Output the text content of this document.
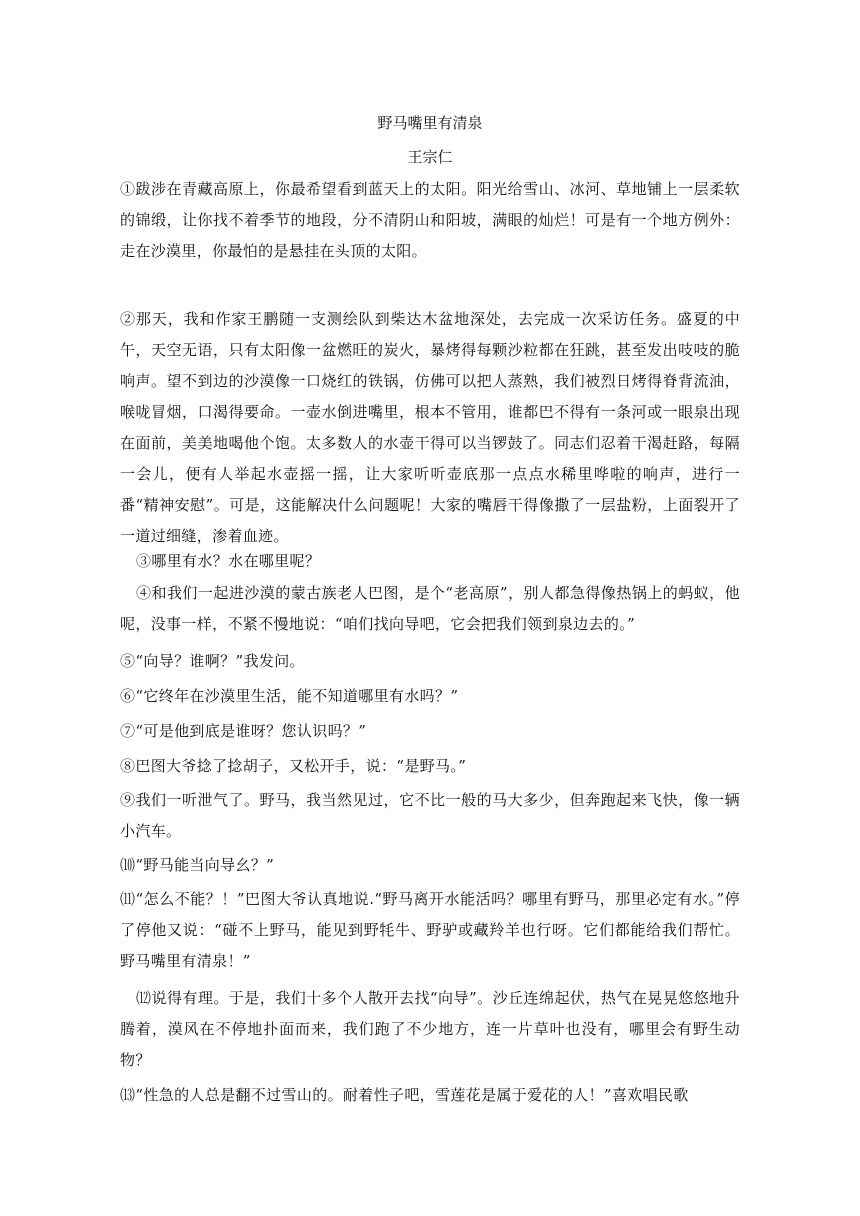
野马嘴里有清泉
王宗仁

①跋涉在青藏高原上，你最希望看到蓝天上的太阳。阳光给雪山、冰河、草地铺上一层柔软的锦缎，让你找不着季节的地段，分不清阴山和阳坡，满眼的灿烂！可是有一个地方例外：走在沙漠里，你最怕的是悬挂在头顶的太阳。

②那天，我和作家王鹏随一支测绘队到柴达木盆地深处，去完成一次采访任务。盛夏的中午，天空无语，只有太阳像一盆燃旺的炭火，暴烤得每颗沙粒都在狂跳，甚至发出吱吱的脆响声。望不到边的沙漠像一口烧红的铁锅，仿佛可以把人蒸熟，我们被烈日烤得脊背流油，喉咙冒烟，口渴得要命。一壶水倒进嘴里，根本不管用，谁都巴不得有一条河或一眼泉出现在面前，美美地喝他个饱。太多数人的水壶干得可以当锣鼓了。同志们忍着干渴赶路，每隔一会儿，便有人举起水壶摇一摇，让大家听听壶底那一点点水稀里哗啦的响声，进行一番“精神安慰”。可是，这能解决什么问题呢！大家的嘴唇干得像撒了一层盐粉，上面裂开了一道过细缝，渗着血迹。

③哪里有水？水在哪里呢？

④和我们一起进沙漠的蒙古族老人巴图，是个“老高原”，别人都急得像热锅上的蚂蚁，他呢，没事一样，不紧不慢地说：“咱们找向导吧，它会把我们领到泉边去的。”

⑤“向导？谁啊？”我发问。

⑥“它终年在沙漠里生活，能不知道哪里有水吗？”

⑦“可是他到底是谁呀？您认识吗？”

⑧巴图大爷捻了捻胡子，又松开手，说：“是野马。”

⑨我们一听泄气了。野马，我当然见过，它不比一般的马大多少，但奔跑起来飞快，像一辆小汽车。

⑽“野马能当向导幺？”

⑾“怎么不能？！”巴图大爷认真地说.“野马离开水能活吗？哪里有野马，那里必定有水。”停了停他又说：“碰不上野马，能见到野牦牛、野驴或藏羚羊也行呀。它们都能给我们帮忙。野马嘴里有清泉！”

⑿说得有理。于是，我们十多个人散开去找“向导”。沙丘连绵起伏，热气在晃晃悠悠地升腾着，漠风在不停地扑面而来，我们跑了不少地方，连一片草叶也没有，哪里会有野生动物？

⒀“性急的人总是翻不过雪山的。耐着性子吧，雪莲花是属于爱花的人！”喜欢唱民歌
